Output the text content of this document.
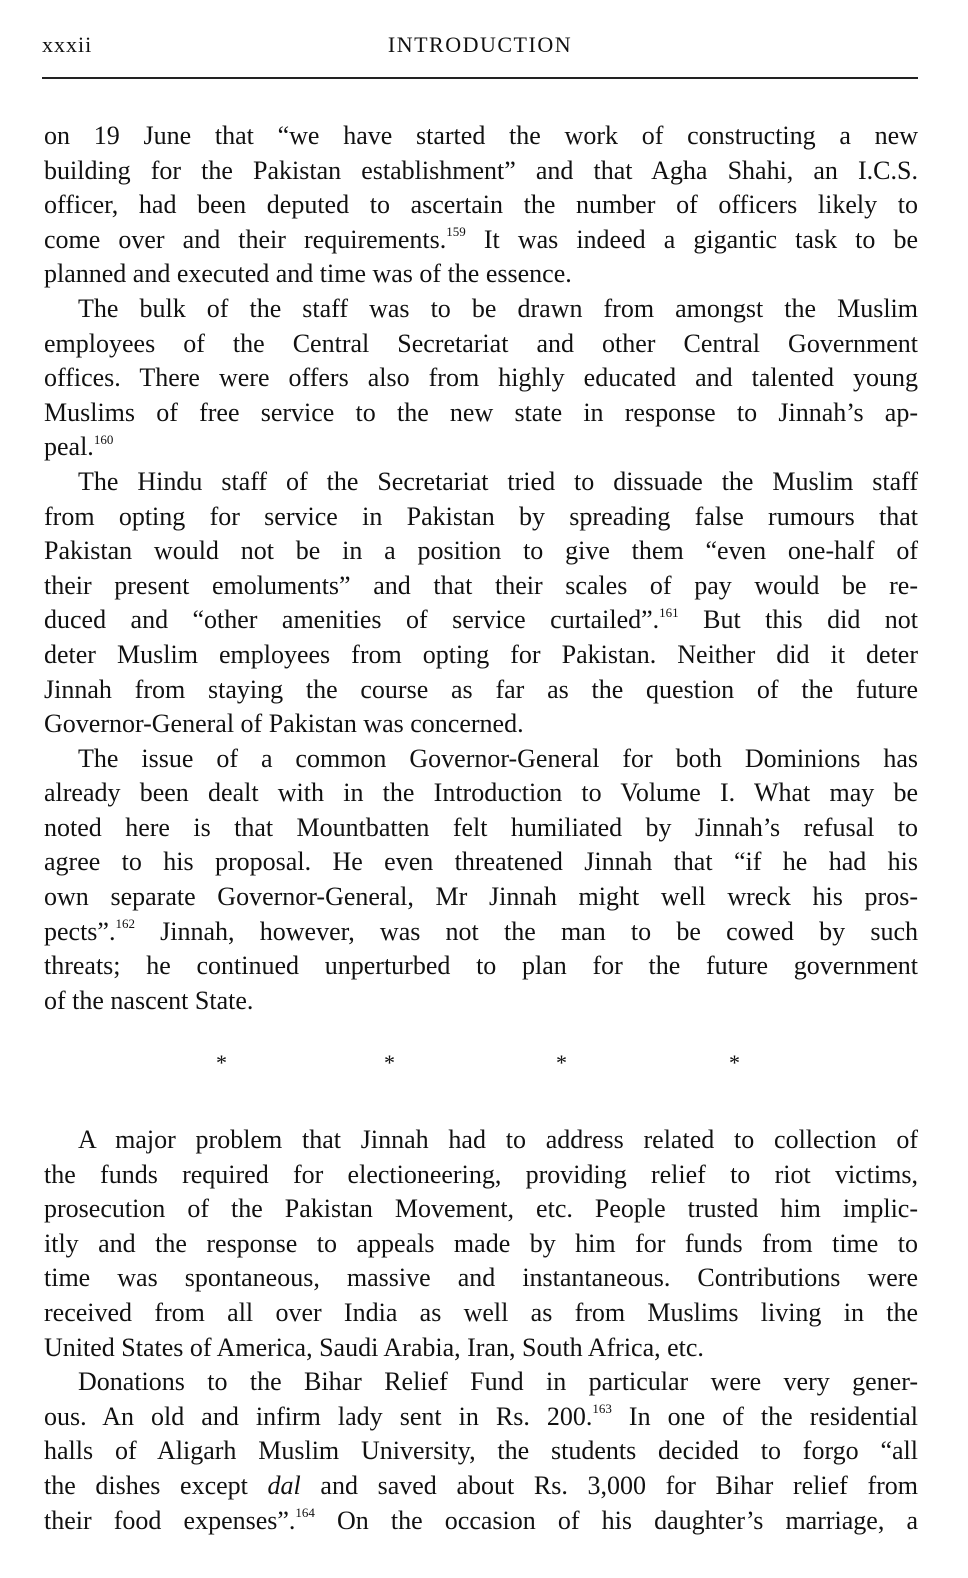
xxxii	INTRODUCTION

on 19 June that “we have started the work of constructing a new
building for the Pakistan establishment” and that Agha Shahi, an I.C.S.
officer, had been deputed to ascertain the number of officers likely to
come over and their requirements.$^{159}$ It was indeed a gigantic task to be
planned and executed and time was of the essence.

The bulk of the staff was to be drawn from amongst the Muslim
employees of the Central Secretariat and other Central Government
offices. There were offers also from highly educated and talented young
Muslims of free service to the new state in response to Jinnah’s ap-
peal.$^{160}$

The Hindu staff of the Secretariat tried to dissuade the Muslim staff
from opting for service in Pakistan by spreading false rumours that
Pakistan would not be in a position to give them “even one-half of
their present emoluments” and that their scales of pay would be re-
duced and “other amenities of service curtailed”.$^{161}$ But this did not
deter Muslim employees from opting for Pakistan. Neither did it deter
Jinnah from staying the course as far as the question of the future
Governor-General of Pakistan was concerned.

The issue of a common Governor-General for both Dominions has
already been dealt with in the Introduction to Volume I. What may be
noted here is that Mountbatten felt humiliated by Jinnah’s refusal to
agree to his proposal. He even threatened Jinnah that “if he had his
own separate Governor-General, Mr Jinnah might well wreck his pros-
pects”.$^{162}$ Jinnah, however, was not the man to be cowed by such
threats; he continued unperturbed to plan for the future government
of the nascent State.

*	*	*	*

A major problem that Jinnah had to address related to collection of
the funds required for electioneering, providing relief to riot victims,
prosecution of the Pakistan Movement, etc. People trusted him implic-
itly and the response to appeals made by him for funds from time to
time was spontaneous, massive and instantaneous. Contributions were
received from all over India as well as from Muslims living in the
United States of America, Saudi Arabia, Iran, South Africa, etc.

Donations to the Bihar Relief Fund in particular were very gener-
ous. An old and infirm lady sent in Rs. 200.$^{163}$ In one of the residential
halls of Aligarh Muslim University, the students decided to forgo “all
the dishes except dal and saved about Rs. 3,000 for Bihar relief from
their food expenses”.$^{164}$ On the occasion of his daughter’s marriage, a
